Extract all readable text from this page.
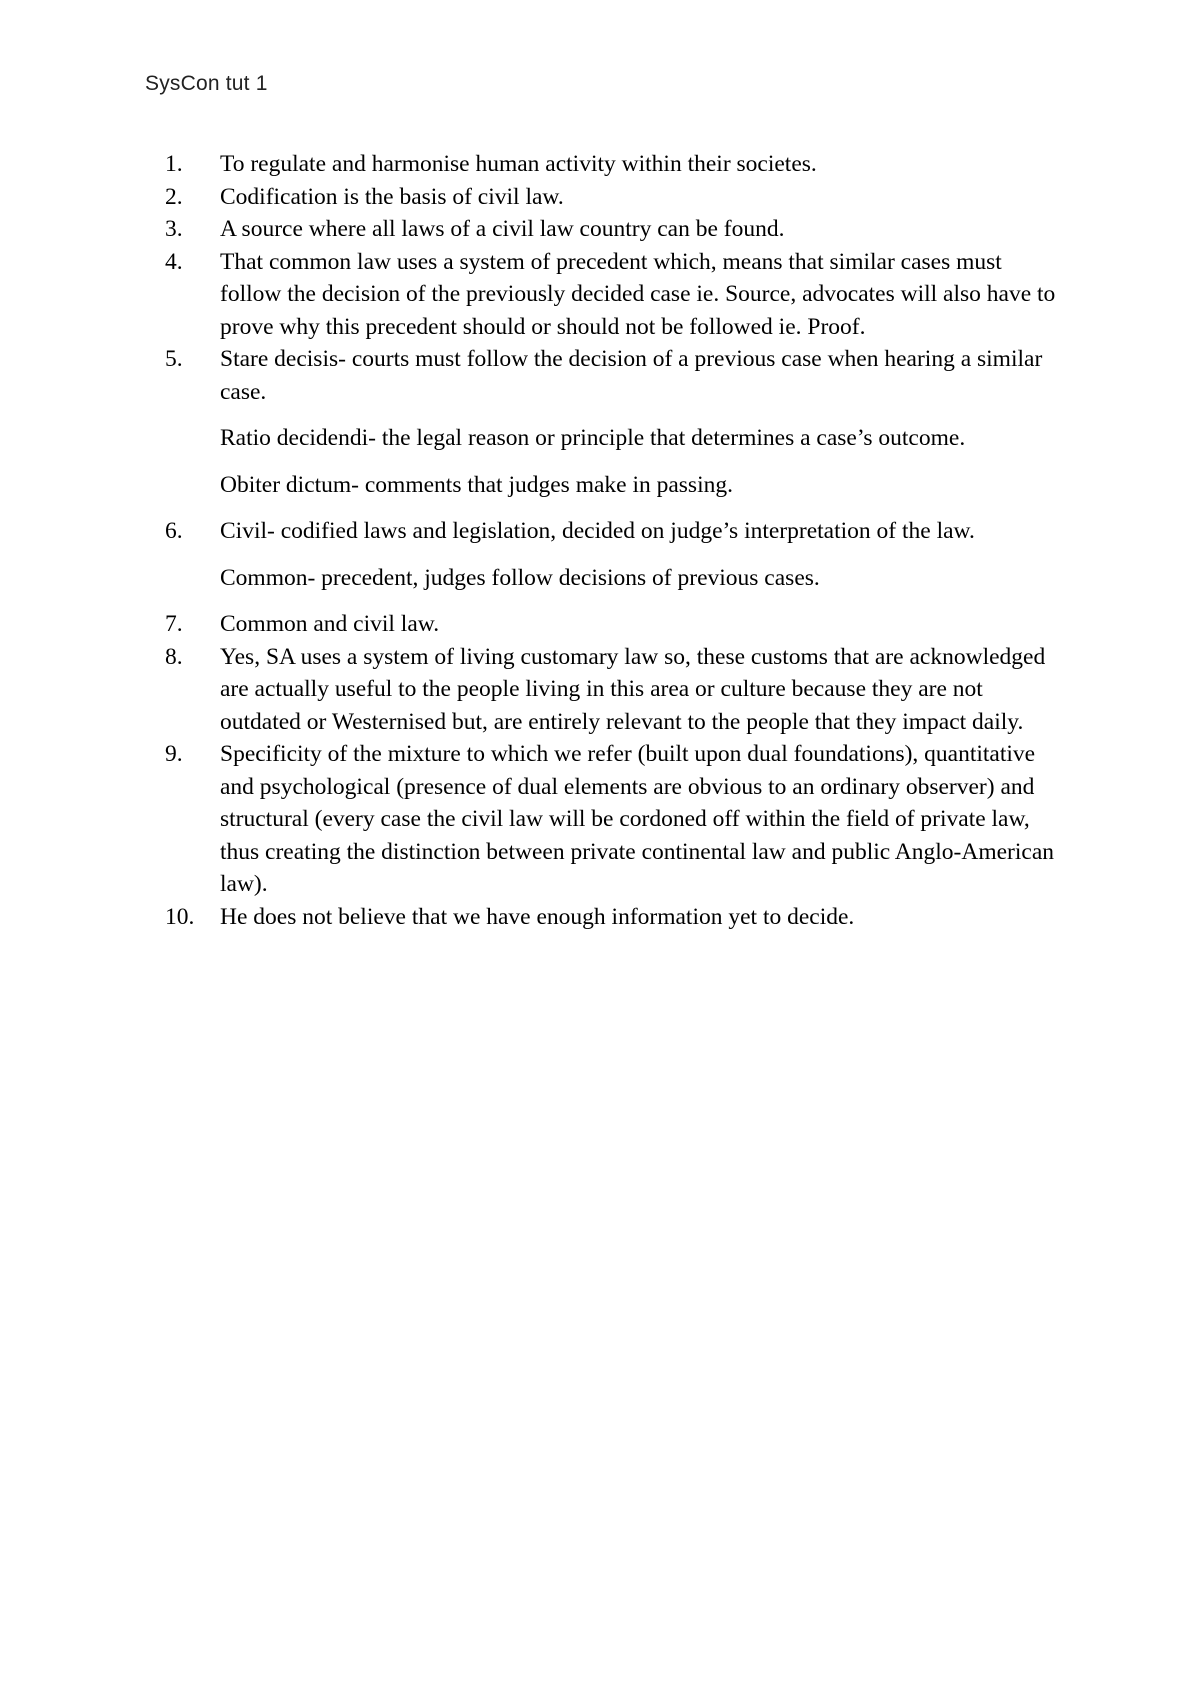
SysCon tut 1
1.	To regulate and harmonise human activity within their societes.
2.	Codification is the basis of civil law.
3.	A source where all laws of a civil law country can be found.
4.	That common law uses a system of precedent which, means that similar cases must follow the decision of the previously decided case ie. Source, advocates will also have to prove why this precedent should or should not be followed ie. Proof.
5.	Stare decisis- courts must follow the decision of a previous case when hearing a similar case.
Ratio decidendi- the legal reason or principle that determines a case’s outcome.
Obiter dictum- comments that judges make in passing.
6.	Civil- codified laws and legislation, decided on judge’s interpretation of the law.
Common- precedent, judges follow decisions of previous cases.
7.	Common and civil law.
8.	Yes, SA uses a system of living customary law so, these customs that are acknowledged are actually useful to the people living in this area or culture because they are not outdated or Westernised but, are entirely relevant to the people that they impact daily.
9.	Specificity of the mixture to which we refer (built upon dual foundations), quantitative and psychological (presence of dual elements are obvious to an ordinary observer) and structural (every case the civil law will be cordoned off within the field of private law, thus creating the distinction between private continental law and public Anglo-American law).
10.	He does not believe that we have enough information yet to decide.
